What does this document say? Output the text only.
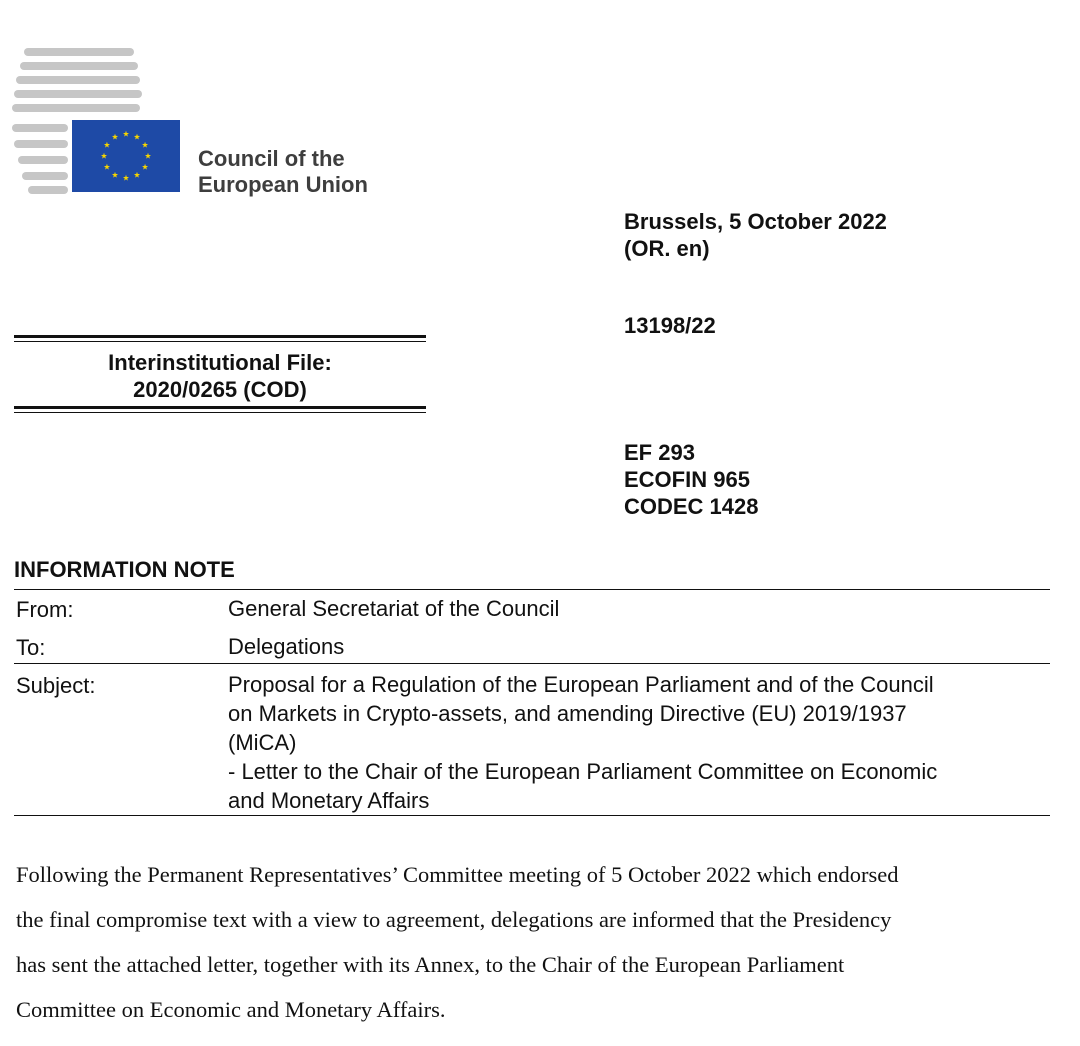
Council of the
European Union
Brussels, 5 October 2022
(OR. en)
13198/22
EF 293
ECOFIN 965
CODEC 1428
Interinstitutional File:
2020/0265 (COD)
INFORMATION NOTE
From:	General Secretariat of the Council
To:	Delegations
Subject:	Proposal for a Regulation of the European Parliament and of the Council
on Markets in Crypto-assets, and amending Directive (EU) 2019/1937
(MiCA)
- Letter to the Chair of the European Parliament Committee on Economic
and Monetary Affairs
Following the Permanent Representatives’ Committee meeting of 5 October 2022 which endorsed
the final compromise text with a view to agreement, delegations are informed that the Presidency
has sent the attached letter, together with its Annex, to the Chair of the European Parliament
Committee on Economic and Monetary Affairs.
